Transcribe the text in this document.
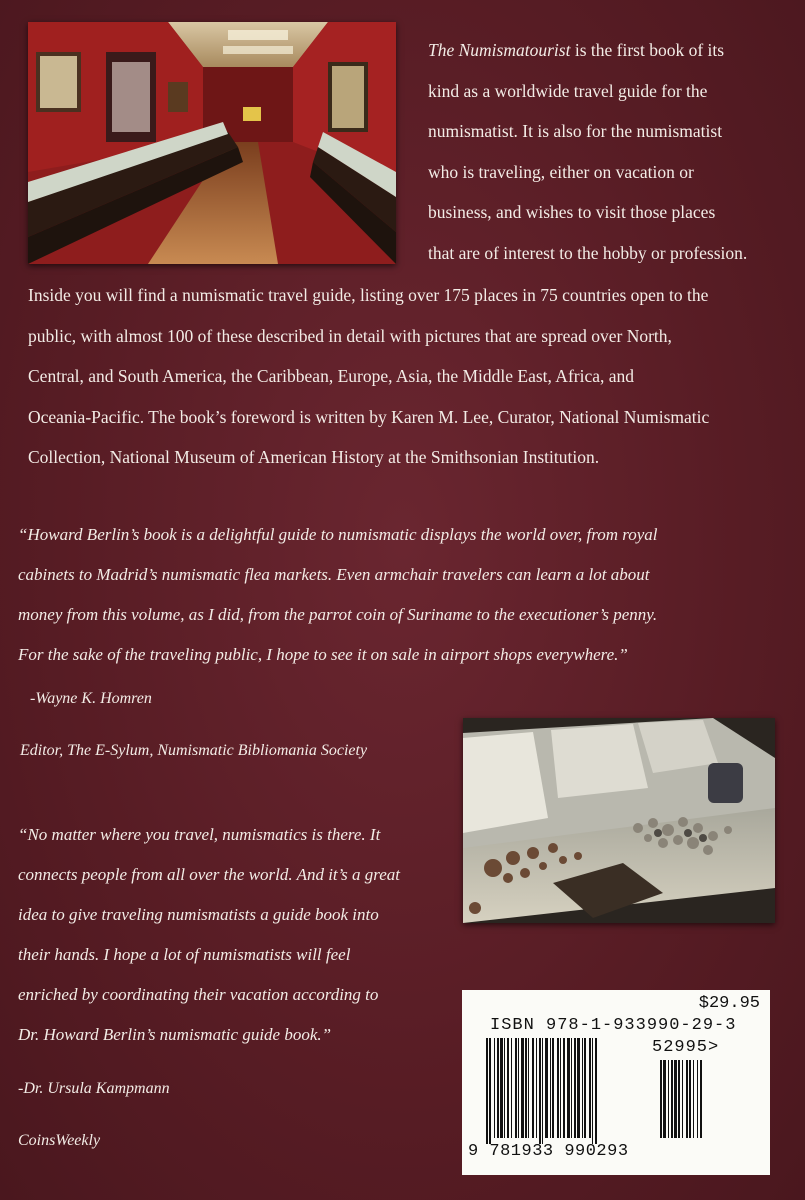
The Numismatourist is the first book of its
kind as a worldwide travel guide for the
numismatist. It is also for the numismatist
who is traveling, either on vacation or
business, and wishes to visit those places
that are of interest to the hobby or profession.

Inside you will find a numismatic travel guide, listing over 175 places in 75 countries open to the
public, with almost 100 of these described in detail with pictures that are spread over North,
Central, and South America, the Caribbean, Europe, Asia, the Middle East, Africa, and
Oceania-Pacific. The book’s foreword is written by Karen M. Lee, Curator, National Numismatic
Collection, National Museum of American History at the Smithsonian Institution.

“Howard Berlin’s book is a delightful guide to numismatic displays the world over, from royal
cabinets to Madrid’s numismatic flea markets. Even armchair travelers can learn a lot about
money from this volume, as I did, from the parrot coin of Suriname to the executioner’s penny.
For the sake of the traveling public, I hope to see it on sale in airport shops everywhere.”

-Wayne K. Homren

Editor, The E-Sylum, Numismatic Bibliomania Society

“No matter where you travel, numismatics is there. It
connects people from all over the world. And it’s a great
idea to give traveling numismatists a guide book into
their hands. I hope a lot of numismatists will feel
enriched by coordinating their vacation according to
Dr. Howard Berlin’s numismatic guide book.”

-Dr. Ursula Kampmann

CoinsWeekly

$29.95
ISBN 978-1-933990-29-3
52995>
9 781933 990293
